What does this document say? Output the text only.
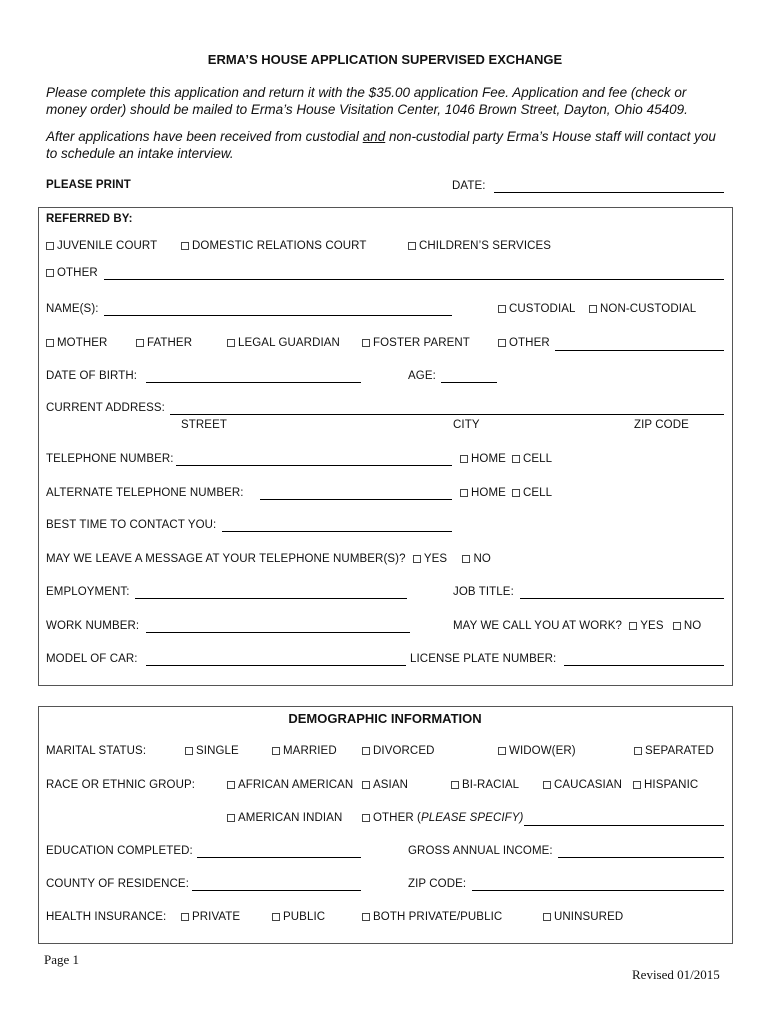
ERMA’S HOUSE APPLICATION SUPERVISED EXCHANGE
Please complete this application and return it with the $35.00 application Fee. Application and fee (check or money order) should be mailed to Erma’s House Visitation Center, 1046 Brown Street, Dayton, Ohio 45409.
After applications have been received from custodial and non-custodial party Erma’s House staff will contact you to schedule an intake interview.
PLEASE PRINT	DATE:
REFERRED BY:
JUVENILE COURT	DOMESTIC RELATIONS COURT	CHILDREN’S SERVICES
OTHER
NAME(S):	CUSTODIAL	NON-CUSTODIAL
MOTHER	FATHER	LEGAL GUARDIAN	FOSTER PARENT	OTHER
DATE OF BIRTH:	AGE:
CURRENT ADDRESS:
STREET	CITY	ZIP CODE
TELEPHONE NUMBER:	HOME	CELL
ALTERNATE TELEPHONE NUMBER:	HOME	CELL
BEST TIME TO CONTACT YOU:
MAY WE LEAVE A MESSAGE AT YOUR TELEPHONE NUMBER(S)? YES NO
EMPLOYMENT:	JOB TITLE:
WORK NUMBER:	MAY WE CALL YOU AT WORK? YES NO
MODEL OF CAR:	LICENSE PLATE NUMBER:
DEMOGRAPHIC INFORMATION
MARITAL STATUS:	SINGLE	MARRIED	DIVORCED	WIDOW(ER)	SEPARATED
RACE OR ETHNIC GROUP:	AFRICAN AMERICAN	ASIAN	BI-RACIAL	CAUCASIAN	HISPANIC
AMERICAN INDIAN	OTHER (PLEASE SPECIFY)
EDUCATION COMPLETED:	GROSS ANNUAL INCOME:
COUNTY OF RESIDENCE:	ZIP CODE:
HEALTH INSURANCE:	PRIVATE	PUBLIC	BOTH PRIVATE/PUBLIC	UNINSURED
Page 1
Revised 01/2015
